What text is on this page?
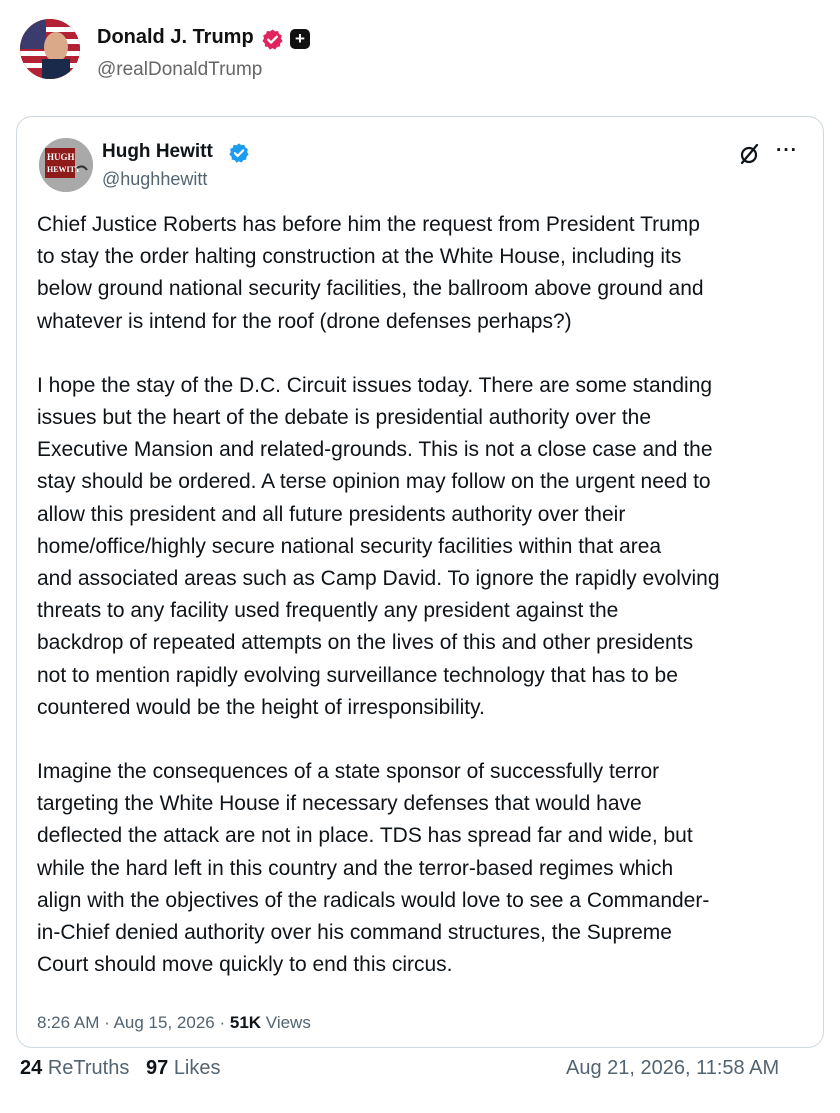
Donald J. Trump +
@realDonaldTrump
HUGH
HEWITT
Hugh Hewitt
@hughhewitt
···

Chief Justice Roberts has before him the request from President Trump
to stay the order halting construction at the White House, including its
below ground national security facilities, the ballroom above ground and
whatever is intend for the roof (drone defenses perhaps?)

I hope the stay of the D.C. Circuit issues today. There are some standing
issues but the heart of the debate is presidential authority over the
Executive Mansion and related-grounds. This is not a close case and the
stay should be ordered. A terse opinion may follow on the urgent need to
allow this president and all future presidents authority over their
home/office/highly secure national security facilities within that area
and associated areas such as Camp David. To ignore the rapidly evolving
threats to any facility used frequently any president against the
backdrop of repeated attempts on the lives of this and other presidents
not to mention rapidly evolving surveillance technology that has to be
countered would be the height of irresponsibility.

Imagine the consequences of a state sponsor of successfully terror
targeting the White House if necessary defenses that would have
deflected the attack are not in place. TDS has spread far and wide, but
while the hard left in this country and the terror-based regimes which
align with the objectives of the radicals would love to see a Commander-
in-Chief denied authority over his command structures, the Supreme
Court should move quickly to end this circus.

8:26 AM · Aug 15, 2026 · 51K Views
24 ReTruths 97 Likes	Aug 21, 2026, 11:58 AM
